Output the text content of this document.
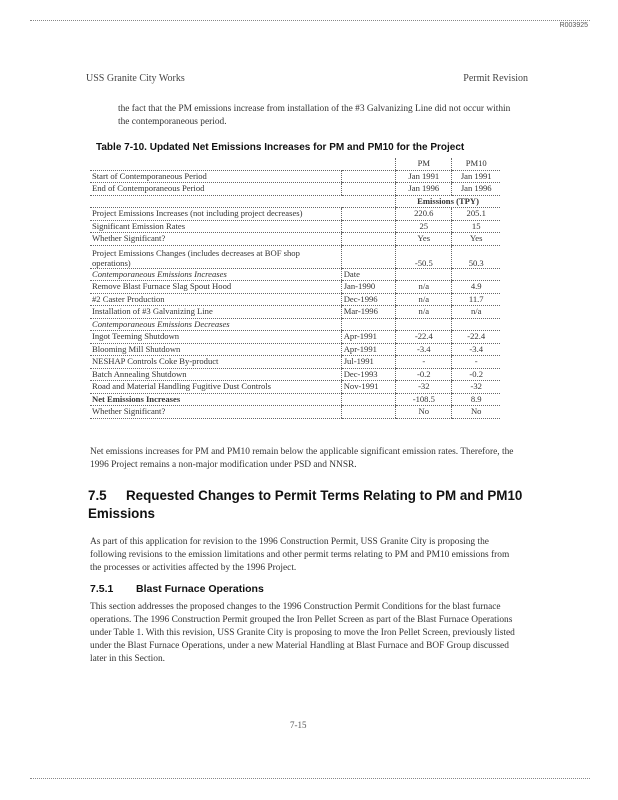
R003925
USS Granite City Works	Permit Revision
the fact that the PM emissions increase from installation of the #3 Galvanizing Line did not occur within the contemporaneous period.
Table 7-10. Updated Net Emissions Increases for PM and PM10 for the Project
		PM	PM10
Start of Contemporaneous Period		Jan 1991	Jan 1991
End of Contemporaneous Period		Jan 1996	Jan 1996
		Emissions (TPY)	
Project Emissions Increases (not including project decreases)		220.6	205.1
Significant Emission Rates		25	15
Whether Significant?		Yes	Yes
Project Emissions Changes (includes decreases at BOF shop operations)		-50.5	50.3
Contemporaneous Emissions Increases	Date		
Remove Blast Furnace Slag Spout Hood	Jan-1990	n/a	4.9
#2 Caster Production	Dec-1996	n/a	11.7
Installation of #3 Galvanizing Line	Mar-1996	n/a	n/a
Contemporaneous Emissions Decreases			
Ingot Teeming Shutdown	Apr-1991	-22.4	-22.4
Blooming Mill Shutdown	Apr-1991	-3.4	-3.4
NESHAP Controls Coke By-product	Jul-1991	-	-
Batch Annealing Shutdown	Dec-1993	-0.2	-0.2
Road and Material Handling Fugitive Dust Controls	Nov-1991	-32	-32
Net Emissions Increases		-108.5	8.9
Whether Significant?		No	No
Net emissions increases for PM and PM10 remain below the applicable significant emission rates. Therefore, the 1996 Project remains a non-major modification under PSD and NNSR.
7.5 Requested Changes to Permit Terms Relating to PM and PM10 Emissions
As part of this application for revision to the 1996 Construction Permit, USS Granite City is proposing the following revisions to the emission limitations and other permit terms relating to PM and PM10 emissions from the processes or activities affected by the 1996 Project.
7.5.1 Blast Furnace Operations
This section addresses the proposed changes to the 1996 Construction Permit Conditions for the blast furnace operations. The 1996 Construction Permit grouped the Iron Pellet Screen as part of the Blast Furnace Operations under Table 1. With this revision, USS Granite City is proposing to move the Iron Pellet Screen, previously listed under the Blast Furnace Operations, under a new Material Handling at Blast Furnace and BOF Group discussed later in this Section.
7-15
